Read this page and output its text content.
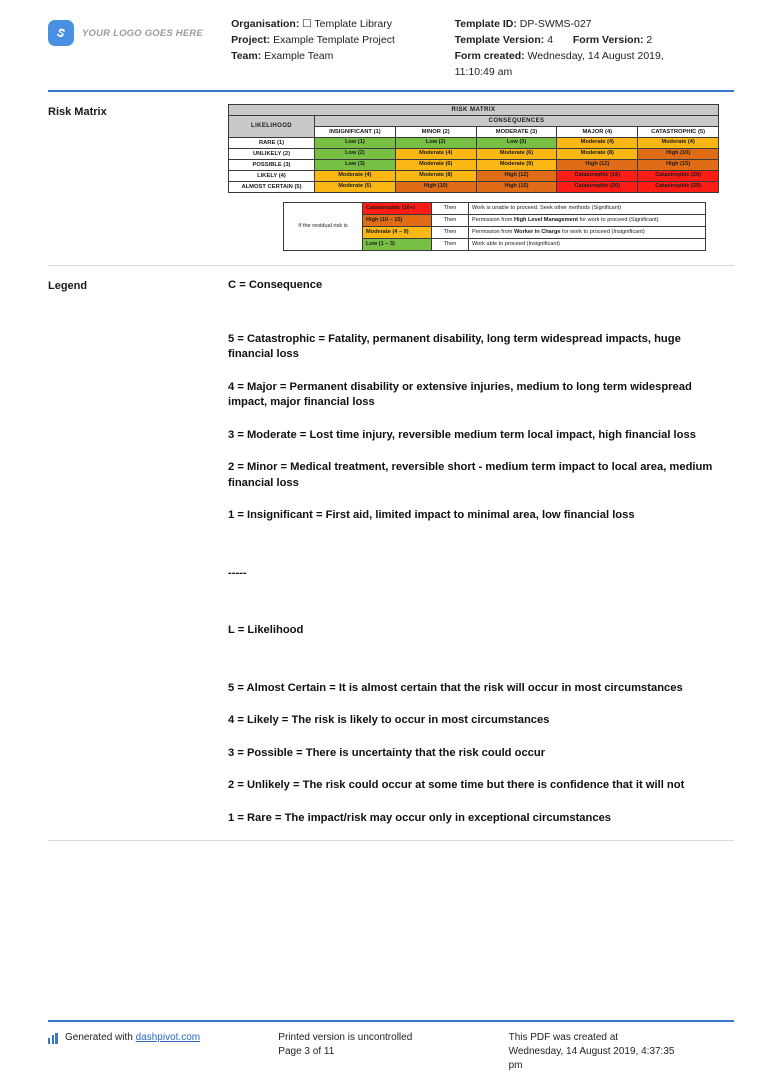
YOUR LOGO GOES HERE
Organisation: ☐ Template Library
Project: Example Template Project
Team: Example Team
Template ID: DP-SWMS-027
Template Version: 4 Form Version: 2
Form created: Wednesday, 14 August 2019,
11:10:49 am
Risk Matrix	RISK MATRIX					
LIKELIHOOD	CONSEQUENCES				
	INSIGNIFICANT (1)	MINOR (2)	MODERATE (3)	MAJOR (4)	CATASTROPHIC (5)
RARE (1)	Low (1)	Low (2)	Low (3)	Moderate (4)	Moderate (4)
UNLIKELY (2)	Low (2)	Moderate (4)	Moderate (6)	Moderate (8)	High (10)
POSSIBLE (3)	Low (3)	Moderate (6)	Moderate (9)	High (12)	High (15)
LIKELY (4)	Moderate (4)	Moderate (8)	High (12)	Catastrophic (16)	Catastrophic (20)
ALMOST CERTAIN (5)	Moderate (5)	High (10)	High (15)	Catastrophic (20)	Catastrophic (25)
If the residual risk is	Catastrophic (16+)	Then	Work is unable to proceed. Seek other methods (Significant)
	High (10 – 15)	Then	Permission from High Level Management for work to proceed (Significant)
	Moderate (4 – 9)	Then	Permission from Worker in Charge for work to proceed (Insignificant)
	Low (1 – 3)	Then	Work able to proceed (Insignificant)
Legend	C = Consequence

5 = Catastrophic = Fatality, permanent disability, long term widespread impacts, huge financial loss

4 = Major = Permanent disability or extensive injuries, medium to long term widespread impact, major financial loss

3 = Moderate = Lost time injury, reversible medium term local impact, high financial loss

2 = Minor = Medical treatment, reversible short - medium term impact to local area, medium financial loss

1 = Insignificant = First aid, limited impact to minimal area, low financial loss

-----

L = Likelihood

5 = Almost Certain = It is almost certain that the risk will occur in most circumstances

4 = Likely = The risk is likely to occur in most circumstances

3 = Possible = There is uncertainty that the risk could occur

2 = Unlikely = The risk could occur at some time but there is confidence that it will not

1 = Rare = The impact/risk may occur only in exceptional circumstances

Generated with dashpivot.com	Printed version is uncontrolled
Page 3 of 11
This PDF was created at
Wednesday, 14 August 2019, 4:37:35
pm
